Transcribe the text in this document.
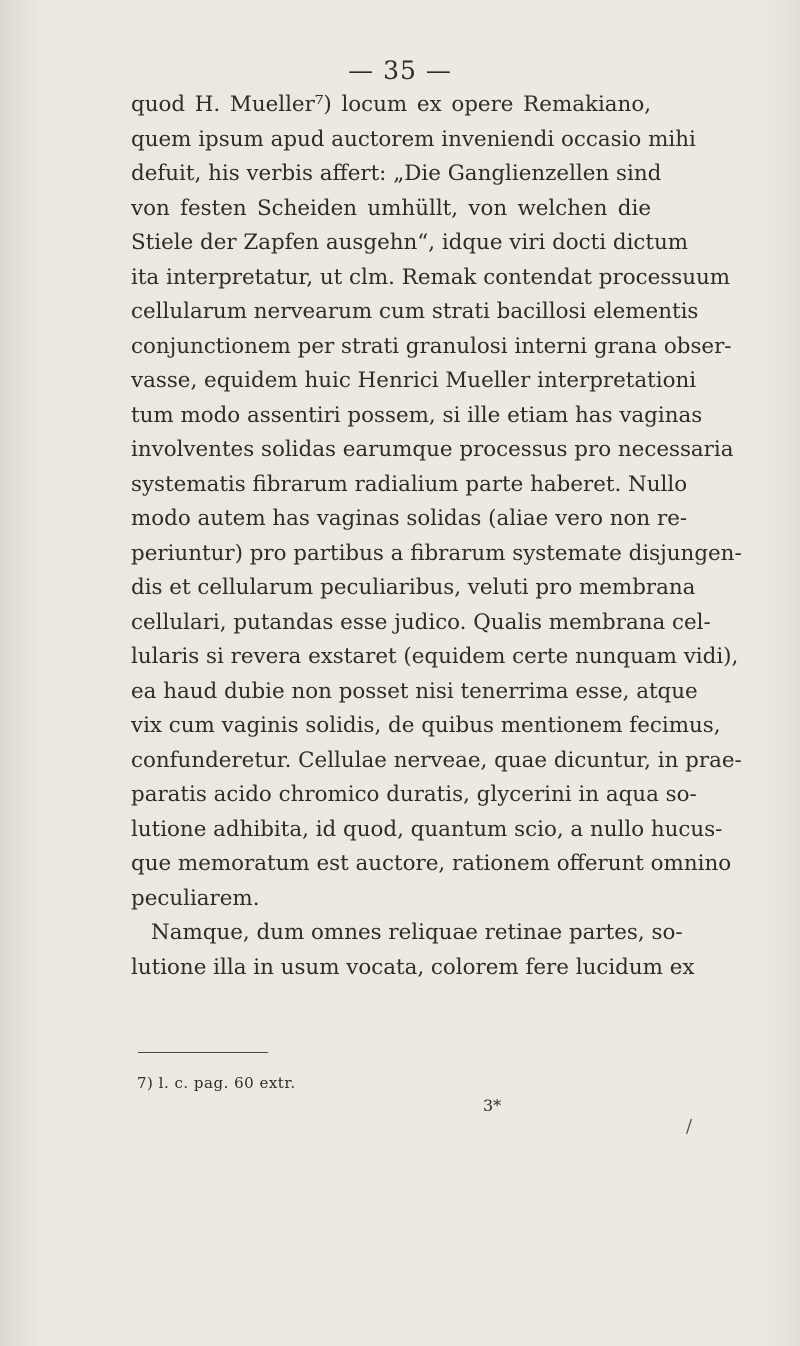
— 35 —
quod H. Mueller⁷) locum ex opere Remakiano,
quem ipsum apud auctorem inveniendi occasio mihi
defuit, his verbis affert: „Die Ganglienzellen sind
von festen Scheiden umhüllt, von welchen die
Stiele der Zapfen ausgehn“, idque viri docti dictum
ita interpretatur, ut clm. Remak contendat processuum
cellularum nervearum cum strati bacillosi elementis
conjunctionem per strati granulosi interni grana obser-
vasse, equidem huic Henrici Mueller interpretationi
tum modo assentiri possem, si ille etiam has vaginas
involventes solidas earumque processus pro necessaria
systematis fibrarum radialium parte haberet. Nullo
modo autem has vaginas solidas (aliae vero non re-
periuntur) pro partibus a fibrarum systemate disjungen-
dis et cellularum peculiaribus, veluti pro membrana
cellulari, putandas esse judico. Qualis membrana cel-
lularis si revera exstaret (equidem certe nunquam vidi),
ea haud dubie non posset nisi tenerrima esse, atque
vix cum vaginis solidis, de quibus mentionem fecimus,
confunderetur. Cellulae nerveae, quae dicuntur, in prae-
paratis acido chromico duratis, glycerini in aqua so-
lutione adhibita, id quod, quantum scio, a nullo hucus-
que memoratum est auctore, rationem offerunt omnino
peculiarem.
Namque, dum omnes reliquae retinae partes, so-
lutione illa in usum vocata, colorem fere lucidum ex
7) l. c. pag. 60 extr.
3*
/
